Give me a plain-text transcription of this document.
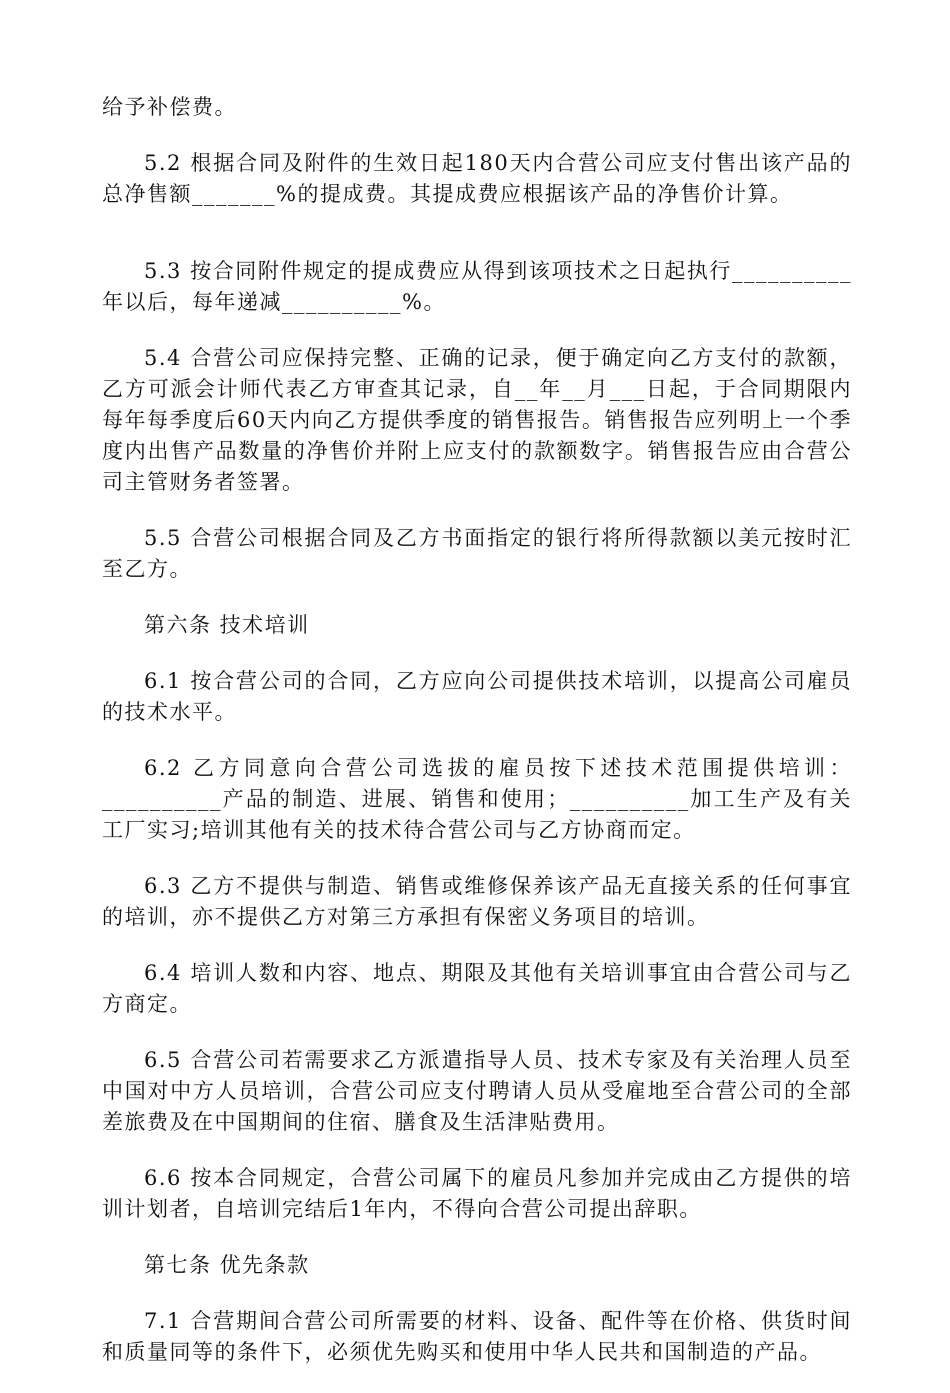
给予补偿费。

5.2 根据合同及附件的生效日起180天内合营公司应支付售出该产品的总净售额_______%的提成费。其提成费应根据该产品的净售价计算。

5.3 按合同附件规定的提成费应从得到该项技术之日起执行__________年以后，每年递减__________%。

5.4 合营公司应保持完整、正确的记录，便于确定向乙方支付的款额，乙方可派会计师代表乙方审查其记录，自__年__月___日起，于合同期限内每年每季度后60天内向乙方提供季度的销售报告。销售报告应列明上一个季度内出售产品数量的净售价并附上应支付的款额数字。销售报告应由合营公司主管财务者签署。

5.5 合营公司根据合同及乙方书面指定的银行将所得款额以美元按时汇至乙方。

第六条 技术培训

6.1 按合营公司的合同，乙方应向公司提供技术培训，以提高公司雇员的技术水平。

6.2 乙方同意向合营公司选拔的雇员按下述技术范围提供培训：__________产品的制造、进展、销售和使用；__________加工生产及有关工厂实习;培训其他有关的技术待合营公司与乙方协商而定。

6.3 乙方不提供与制造、销售或维修保养该产品无直接关系的任何事宜的培训，亦不提供乙方对第三方承担有保密义务项目的培训。

6.4 培训人数和内容、地点、期限及其他有关培训事宜由合营公司与乙方商定。

6.5 合营公司若需要求乙方派遣指导人员、技术专家及有关治理人员至中国对中方人员培训，合营公司应支付聘请人员从受雇地至合营公司的全部差旅费及在中国期间的住宿、膳食及生活津贴费用。

6.6 按本合同规定，合营公司属下的雇员凡参加并完成由乙方提供的培训计划者，自培训完结后1年内，不得向合营公司提出辞职。

第七条 优先条款

7.1 合营期间合营公司所需要的材料、设备、配件等在价格、供货时间和质量同等的条件下，必须优先购买和使用中华人民共和国制造的产品。
